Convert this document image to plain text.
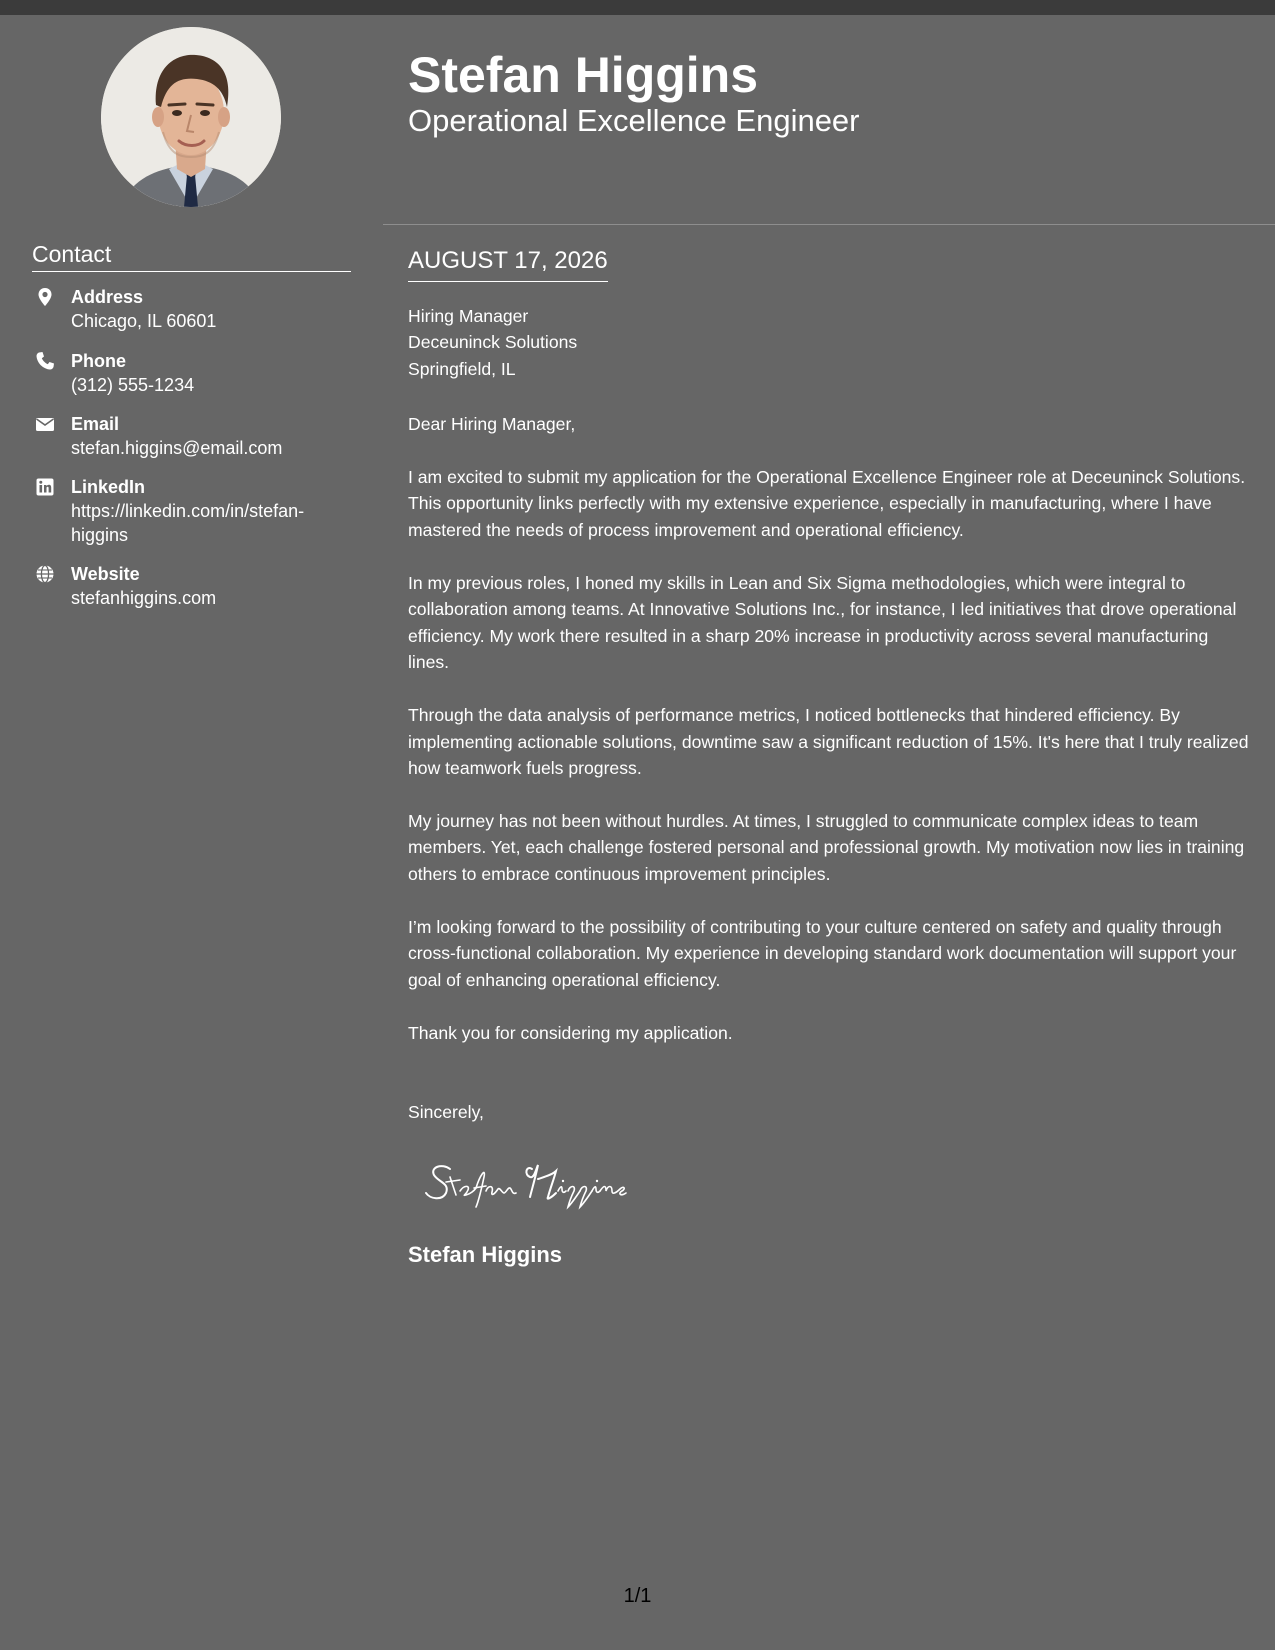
Stefan Higgins
Operational Excellence Engineer
Contact
Address
Chicago, IL 60601
Phone
(312) 555-1234
Email
stefan.higgins@email.com
LinkedIn
https://linkedin.com/in/stefan-higgins
Website
stefanhiggins.com
AUGUST 17, 2026
Hiring Manager
Deceuninck Solutions
Springfield, IL

Dear Hiring Manager,

I am excited to submit my application for the Operational Excellence Engineer role at Deceuninck Solutions. This opportunity links perfectly with my extensive experience, especially in manufacturing, where I have mastered the needs of process improvement and operational efficiency.

In my previous roles, I honed my skills in Lean and Six Sigma methodologies, which were integral to collaboration among teams. At Innovative Solutions Inc., for instance, I led initiatives that drove operational efficiency. My work there resulted in a sharp 20% increase in productivity across several manufacturing lines.

Through the data analysis of performance metrics, I noticed bottlenecks that hindered efficiency. By implementing actionable solutions, downtime saw a significant reduction of 15%. It's here that I truly realized how teamwork fuels progress.

My journey has not been without hurdles. At times, I struggled to communicate complex ideas to team members. Yet, each challenge fostered personal and professional growth. My motivation now lies in training others to embrace continuous improvement principles.

I’m looking forward to the possibility of contributing to your culture centered on safety and quality through cross-functional collaboration. My experience in developing standard work documentation will support your goal of enhancing operational efficiency.

Thank you for considering my application.

Sincerely,

Stefan Higgins
1/1
